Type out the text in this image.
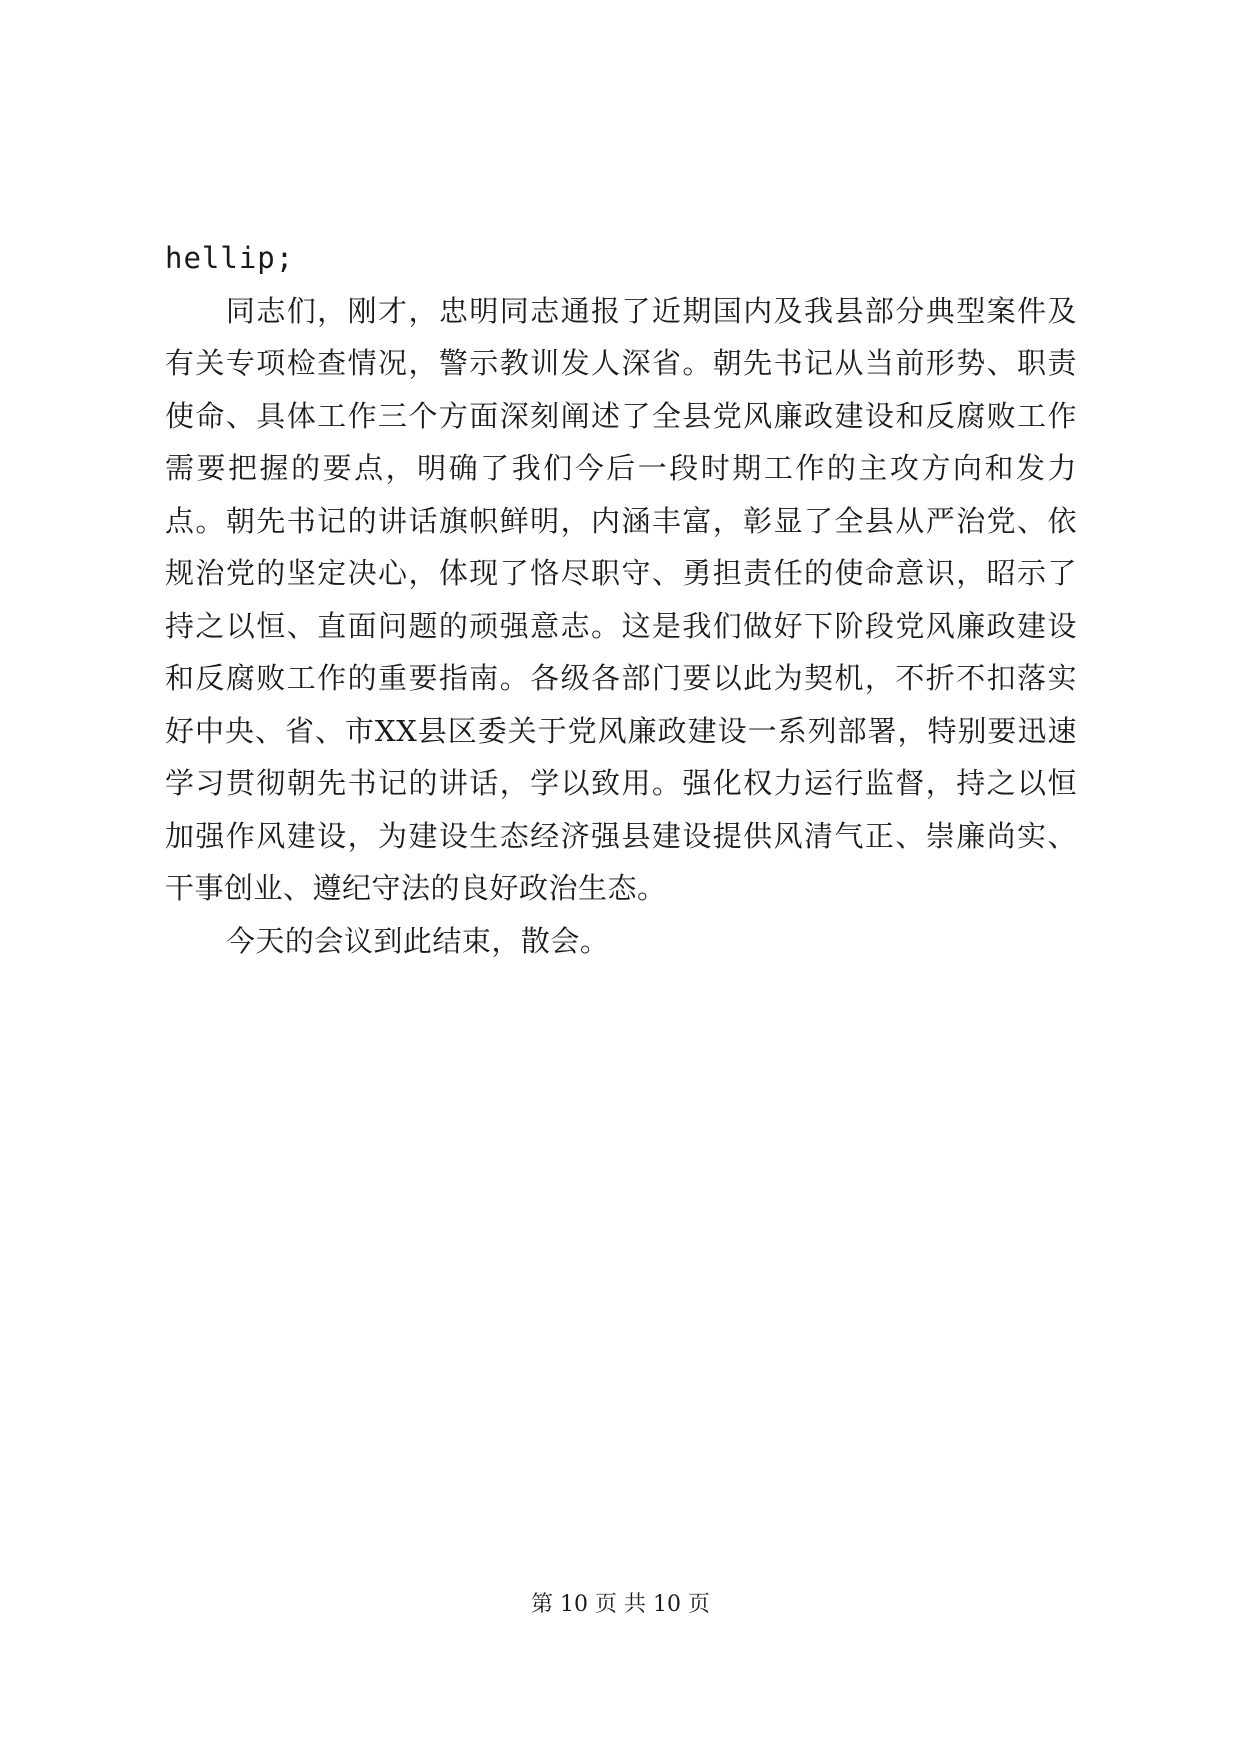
hellip;

同志们，刚才，忠明同志通报了近期国内及我县部分典型案件及有关专项检查情况，警示教训发人深省。朝先书记从当前形势、职责使命、具体工作三个方面深刻阐述了全县党风廉政建设和反腐败工作需要把握的要点，明确了我们今后一段时期工作的主攻方向和发力点。朝先书记的讲话旗帜鲜明，内涵丰富，彰显了全县从严治党、依规治党的坚定决心，体现了恪尽职守、勇担责任的使命意识，昭示了持之以恒、直面问题的顽强意志。这是我们做好下阶段党风廉政建设和反腐败工作的重要指南。各级各部门要以此为契机，不折不扣落实好中央、省、市XX县区委关于党风廉政建设一系列部署，特别要迅速学习贯彻朝先书记的讲话，学以致用。强化权力运行监督，持之以恒加强作风建设，为建设生态经济强县建设提供风清气正、崇廉尚实、干事创业、遵纪守法的良好政治生态。

今天的会议到此结束，散会。

第 10 页 共 10 页
